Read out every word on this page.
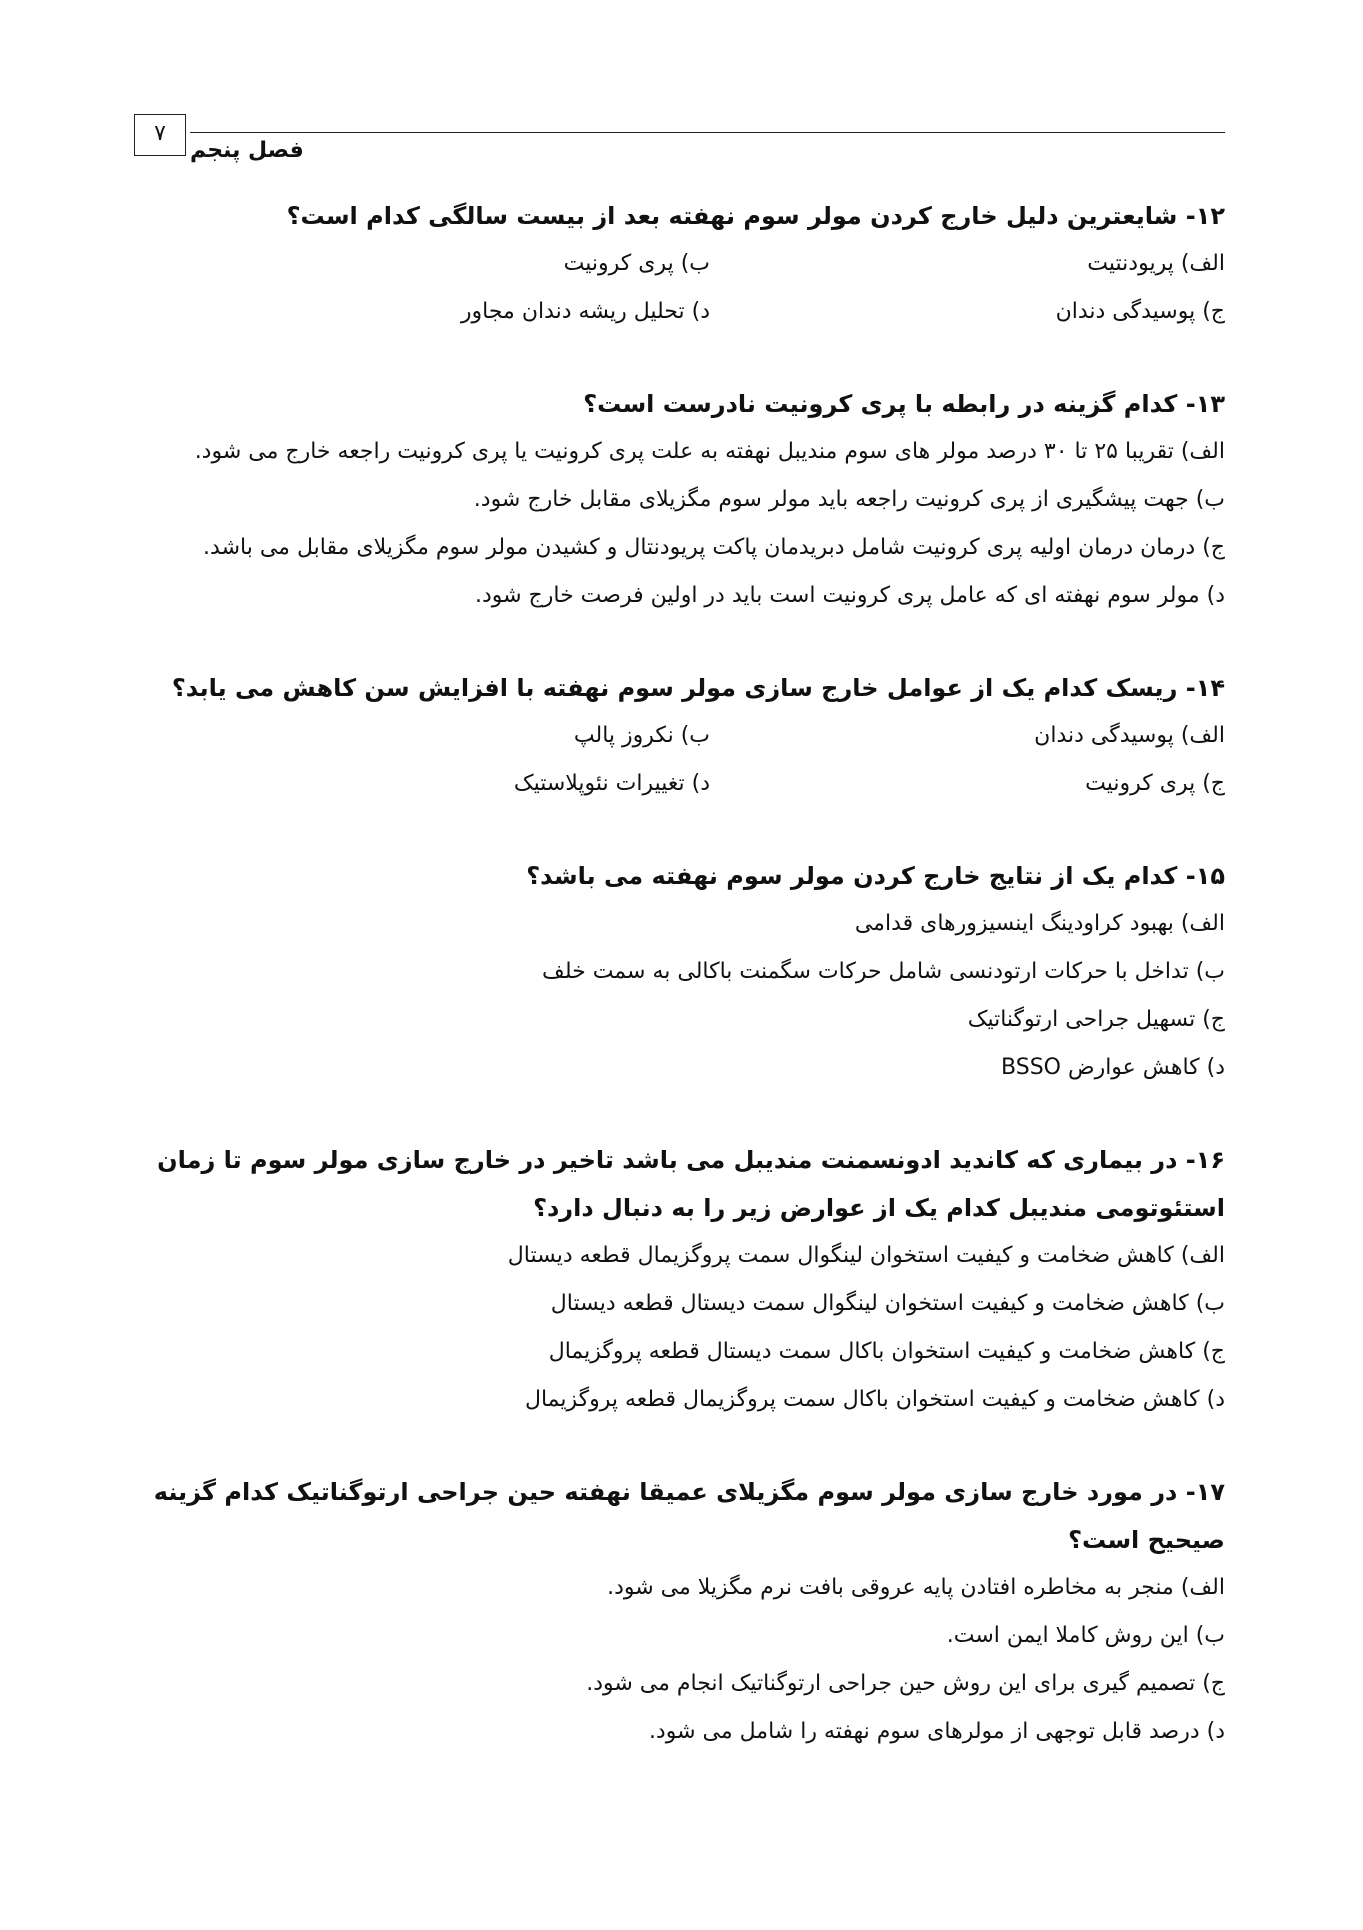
۷
فصل پنجم

۱۲- شایعترین دلیل خارج کردن مولر سوم نهفته بعد از بیست سالگی کدام است؟

الف) پریودنتیت
ب) پری کرونیت
ج) پوسیدگی دندان
د) تحلیل ریشه دندان مجاور

۱۳- کدام گزینه در رابطه با پری کرونیت نادرست است؟

الف) تقریبا ۲۵ تا ۳۰ درصد مولر های سوم مندیبل نهفته به علت پری کرونیت یا پری کرونیت راجعه خارج می شود.

ب) جهت پیشگیری از پری کرونیت راجعه باید مولر سوم مگزیلای مقابل خارج شود.

ج) درمان درمان اولیه پری کرونیت شامل دبریدمان پاکت پریودنتال و کشیدن مولر سوم مگزیلای مقابل می باشد.

د) مولر سوم نهفته ای که عامل پری کرونیت است باید در اولین فرصت خارج شود.

۱۴- ریسک کدام یک از عوامل خارج سازی مولر سوم نهفته با افزایش سن کاهش می یابد؟

الف) پوسیدگی دندان
ب) نکروز پالپ
ج) پری کرونیت
د) تغییرات نئوپلاستیک

۱۵- کدام یک از نتایج خارج کردن مولر سوم نهفته می باشد؟

الف) بهبود کراودینگ اینسیزورهای قدامی

ب) تداخل با حرکات ارتودنسی شامل حرکات سگمنت باکالی به سمت خلف

ج) تسهیل جراحی ارتوگناتیک

د) کاهش عوارض BSSO

۱۶- در بیماری که کاندید ادونسمنت مندیبل می باشد تاخیر در خارج سازی مولر سوم تا زمان استئوتومی مندیبل کدام یک از عوارض زیر را به دنبال دارد؟

الف) کاهش ضخامت و کیفیت استخوان لینگوال سمت پروگزیمال قطعه دیستال

ب) کاهش ضخامت و کیفیت استخوان لینگوال سمت دیستال قطعه دیستال

ج) کاهش ضخامت و کیفیت استخوان باکال سمت دیستال قطعه پروگزیمال

د) کاهش ضخامت و کیفیت استخوان باکال سمت پروگزیمال قطعه پروگزیمال

۱۷- در مورد خارج سازی مولر سوم مگزیلای عمیقا نهفته حین جراحی ارتوگناتیک کدام گزینه صیحیح است؟

الف) منجر به مخاطره افتادن پایه عروقی بافت نرم مگزیلا می شود.

ب) این روش کاملا ایمن است.

ج) تصمیم گیری برای این روش حین جراحی ارتوگناتیک انجام می شود.

د) درصد قابل توجهی از مولرهای سوم نهفته را شامل می شود.
